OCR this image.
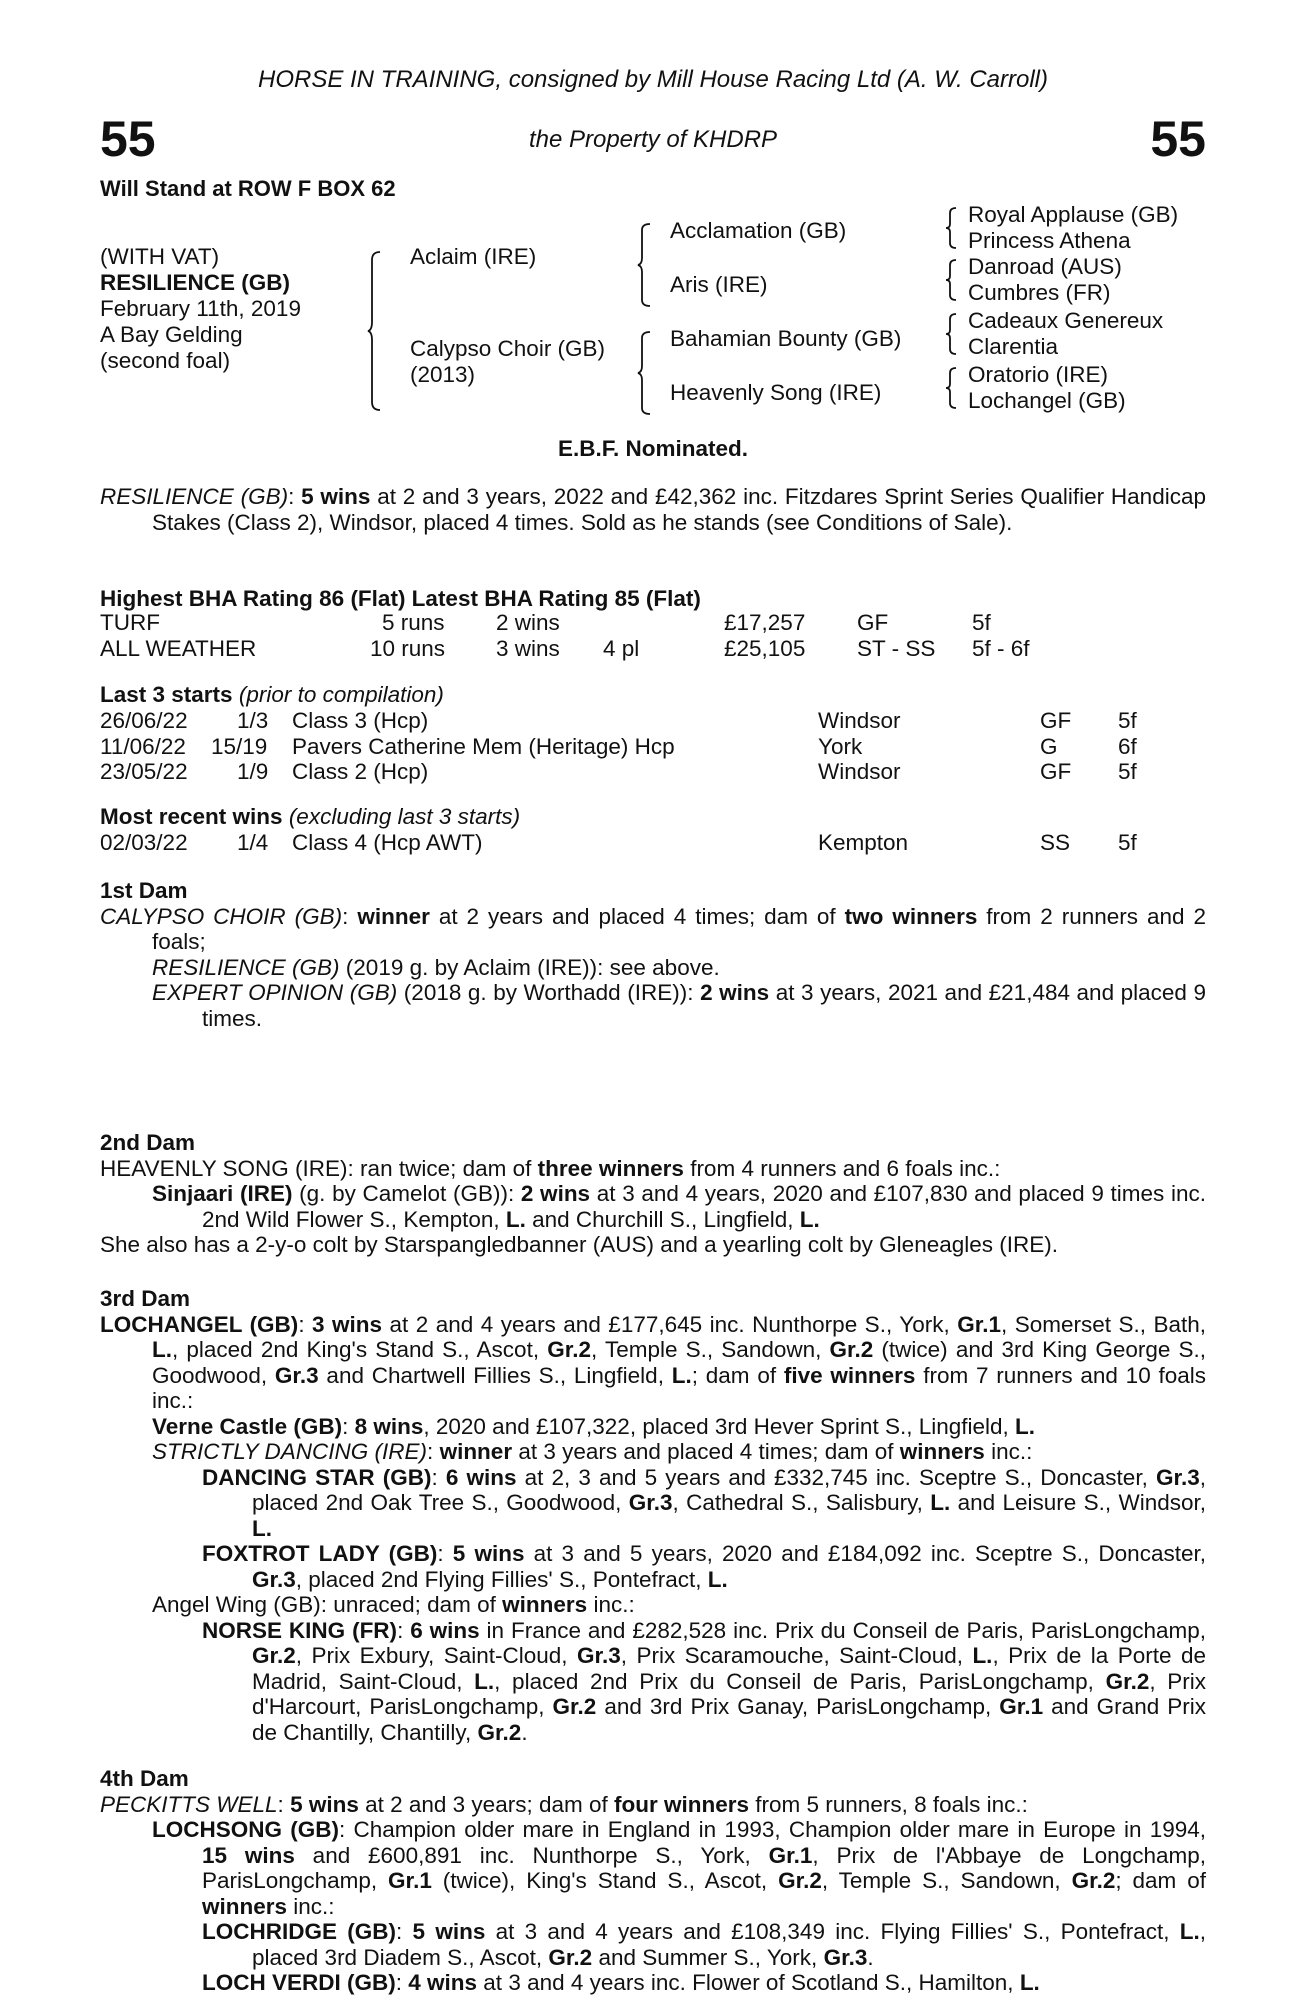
55	55
HORSE IN TRAINING, consigned by Mill House Racing Ltd (A. W. Carroll)
the Property of KHDRP
Will Stand at ROW F BOX 62
(WITH VAT)
RESILIENCE (GB)
February 11th, 2019
A Bay Gelding
(second foal)
Aclaim (IRE)
Calypso Choir (GB)
(2013)
Acclamation (GB)
Aris (IRE)
Bahamian Bounty (GB)
Heavenly Song (IRE)
Royal Applause (GB)
Princess Athena
Danroad (AUS)
Cumbres (FR)
Cadeaux Genereux
Clarentia
Oratorio (IRE)
Lochangel (GB)
E.B.F. Nominated.

RESILIENCE (GB): 5 wins at 2 and 3 years, 2022 and £42,362 inc. Fitzdares Sprint Series Qualifier Handicap Stakes (Class 2), Windsor, placed 4 times. Sold as he stands (see Conditions of Sale).

Highest BHA Rating 86 (Flat) Latest BHA Rating 85 (Flat)
TURF	5 runs 2 wins	£17,257 GF	5f
ALL WEATHER	10 runs 3 wins 4 pl	£25,105 ST - SS 5f - 6f
Last 3 starts (prior to compilation)
26/06/22 1/3 Class 3 (Hcp)	Windsor	GF 5f
11/06/22 15/19 Pavers Catherine Mem (Heritage) Hcp	York	G	6f
23/05/22 1/9 Class 2 (Hcp)	Windsor	GF 5f
Most recent wins (excluding last 3 starts)
02/03/22 1/4 Class 4 (Hcp AWT)	Kempton	SS 5f

1st Dam

CALYPSO CHOIR (GB): winner at 2 years and placed 4 times; dam of two winners from 2 runners and 2 foals;

RESILIENCE (GB) (2019 g. by Aclaim (IRE)): see above.

EXPERT OPINION (GB) (2018 g. by Worthadd (IRE)): 2 wins at 3 years, 2021 and £21,484 and placed 9 times.

2nd Dam

HEAVENLY SONG (IRE): ran twice; dam of three winners from 4 runners and 6 foals inc.:

Sinjaari (IRE) (g. by Camelot (GB)): 2 wins at 3 and 4 years, 2020 and £107,830 and placed 9 times inc. 2nd Wild Flower S., Kempton, L. and Churchill S., Lingfield, L.

She also has a 2-y-o colt by Starspangledbanner (AUS) and a yearling colt by Gleneagles (IRE).

3rd Dam

LOCHANGEL (GB): 3 wins at 2 and 4 years and £177,645 inc. Nunthorpe S., York, Gr.1, Somerset S., Bath, L., placed 2nd King's Stand S., Ascot, Gr.2, Temple S., Sandown, Gr.2 (twice) and 3rd King George S., Goodwood, Gr.3 and Chartwell Fillies S., Lingfield, L.; dam of five winners from 7 runners and 10 foals inc.:

Verne Castle (GB): 8 wins, 2020 and £107,322, placed 3rd Hever Sprint S., Lingfield, L.

STRICTLY DANCING (IRE): winner at 3 years and placed 4 times; dam of winners inc.:

DANCING STAR (GB): 6 wins at 2, 3 and 5 years and £332,745 inc. Sceptre S., Doncaster, Gr.3, placed 2nd Oak Tree S., Goodwood, Gr.3, Cathedral S., Salisbury, L. and Leisure S., Windsor, L.

FOXTROT LADY (GB): 5 wins at 3 and 5 years, 2020 and £184,092 inc. Sceptre S., Doncaster, Gr.3, placed 2nd Flying Fillies' S., Pontefract, L.

Angel Wing (GB): unraced; dam of winners inc.:

NORSE KING (FR): 6 wins in France and £282,528 inc. Prix du Conseil de Paris, ParisLongchamp, Gr.2, Prix Exbury, Saint-Cloud, Gr.3, Prix Scaramouche, Saint-Cloud, L., Prix de la Porte de Madrid, Saint-Cloud, L., placed 2nd Prix du Conseil de Paris, ParisLongchamp, Gr.2, Prix d'Harcourt, ParisLongchamp, Gr.2 and 3rd Prix Ganay, ParisLongchamp, Gr.1 and Grand Prix de Chantilly, Chantilly, Gr.2.

4th Dam

PECKITTS WELL: 5 wins at 2 and 3 years; dam of four winners from 5 runners, 8 foals inc.:

LOCHSONG (GB): Champion older mare in England in 1993, Champion older mare in Europe in 1994, 15 wins and £600,891 inc. Nunthorpe S., York, Gr.1, Prix de l'Abbaye de Longchamp, ParisLongchamp, Gr.1 (twice), King's Stand S., Ascot, Gr.2, Temple S., Sandown, Gr.2; dam of winners inc.:

LOCHRIDGE (GB): 5 wins at 3 and 4 years and £108,349 inc. Flying Fillies' S., Pontefract, L., placed 3rd Diadem S., Ascot, Gr.2 and Summer S., York, Gr.3.

LOCH VERDI (GB): 4 wins at 3 and 4 years inc. Flower of Scotland S., Hamilton, L.
